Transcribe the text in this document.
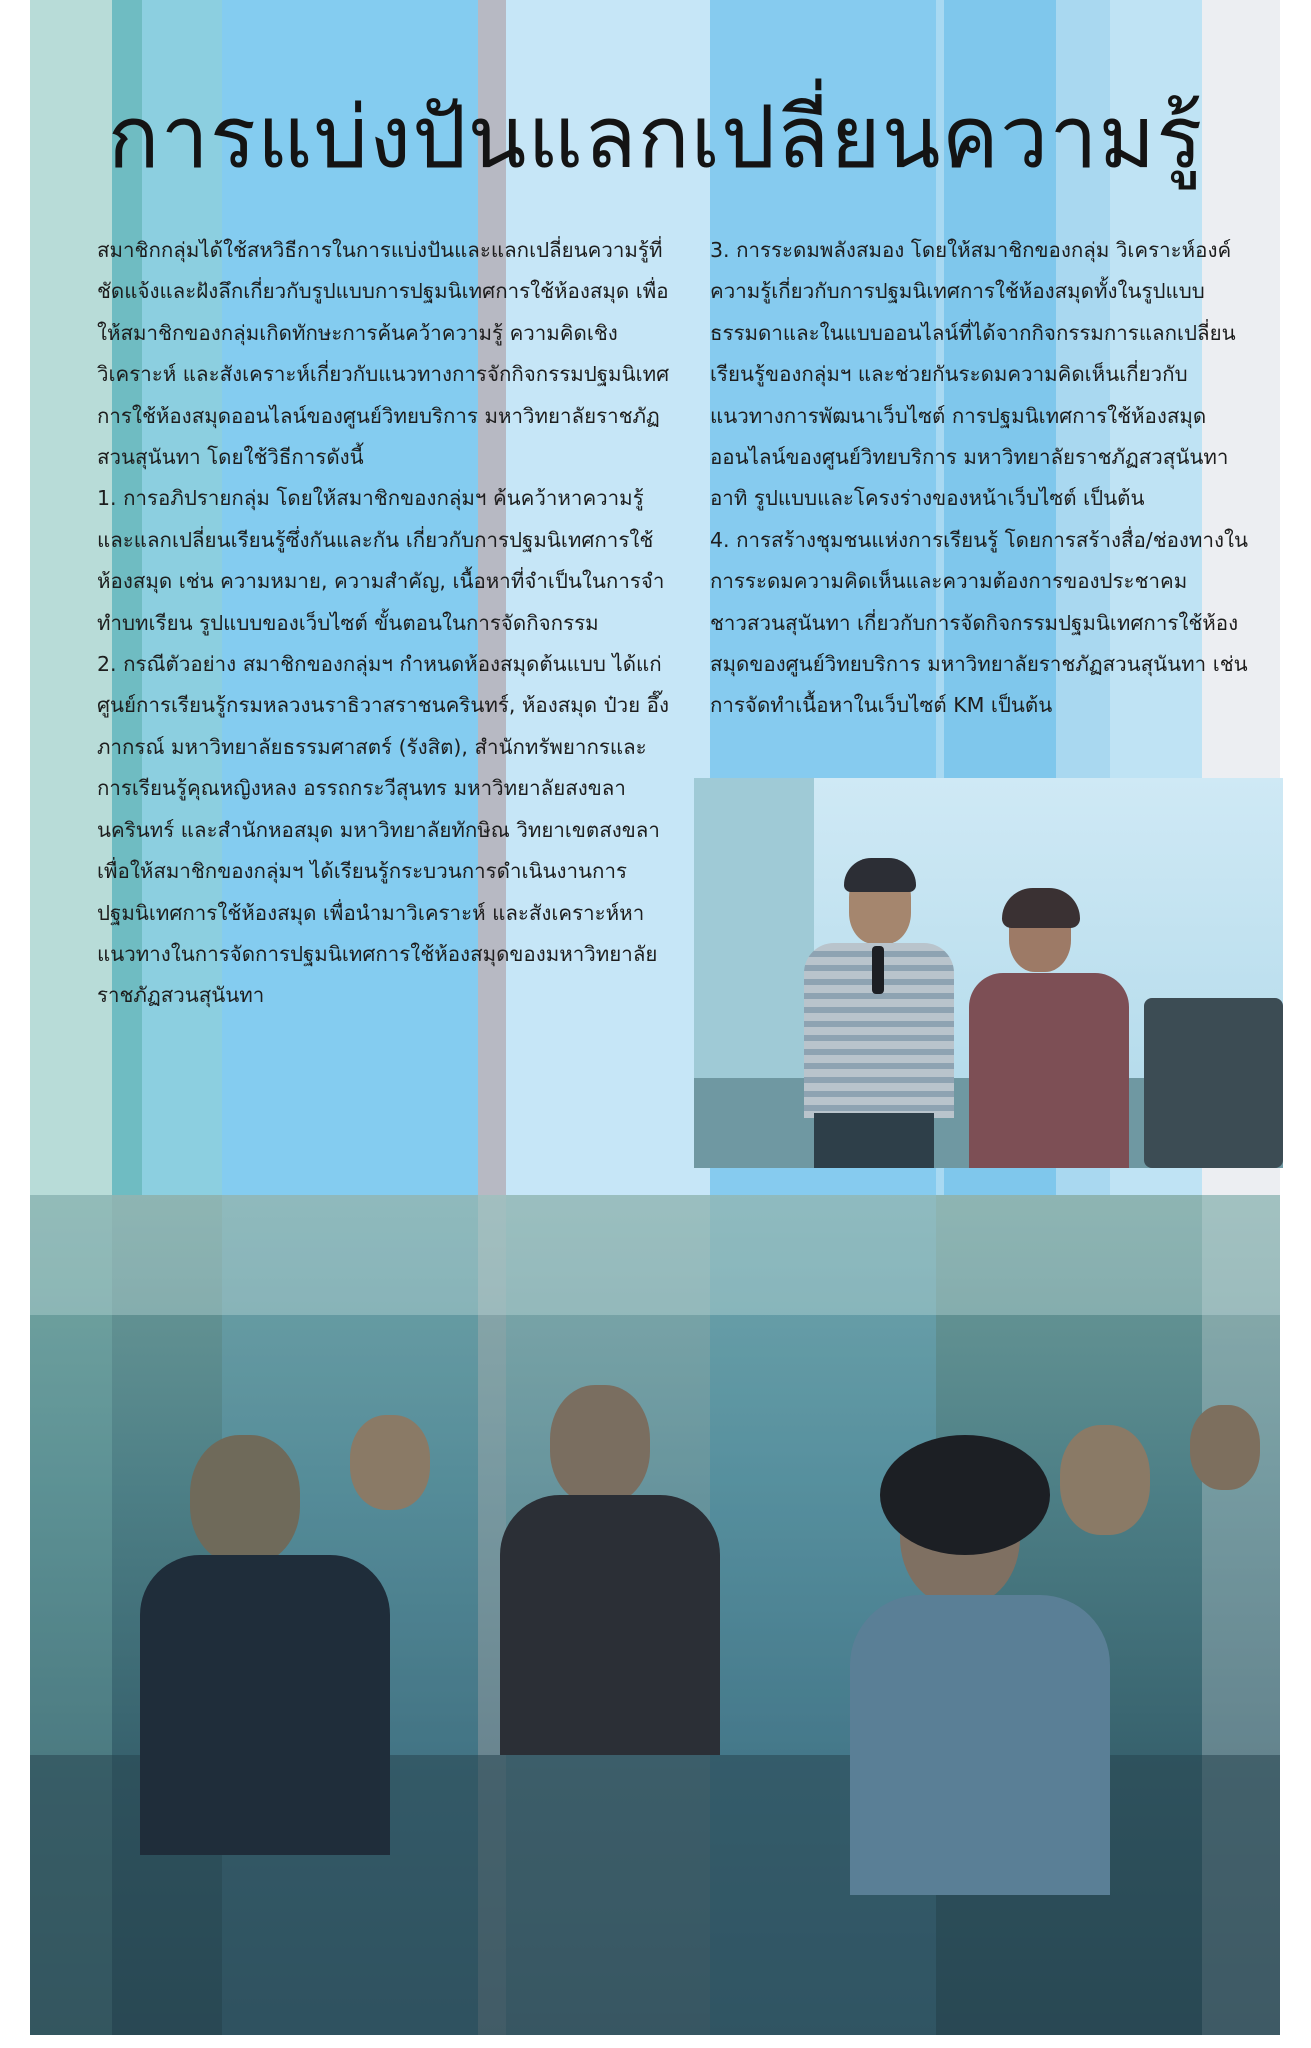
การแบ่งปันแลกเปลี่ยนความรู้

สมาชิกกลุ่มได้ใช้สหวิธีการในการแบ่งปันและแลกเปลี่ยนความรู้ที่ชัดแจ้งและฝังลึกเกี่ยวกับรูปแบบการปฐมนิเทศการใช้ห้องสมุด เพื่อให้สมาชิกของกลุ่มเกิดทักษะการค้นคว้าความรู้ ความคิดเชิงวิเคราะห์ และสังเคราะห์เกี่ยวกับแนวทางการจักกิจกรรมปฐมนิเทศการใช้ห้องสมุดออนไลน์ของศูนย์วิทยบริการ มหาวิทยาลัยราชภัฏสวนสุนันทา โดยใช้วิธีการดังนี้

1. การอภิปรายกลุ่ม โดยให้สมาชิกของกลุ่มฯ ค้นคว้าหาความรู้และแลกเปลี่ยนเรียนรู้ซึ่งกันและกัน เกี่ยวกับการปฐมนิเทศการใช้ห้องสมุด เช่น ความหมาย, ความสำคัญ, เนื้อหาที่จำเป็นในการจำทำบทเรียน รูปแบบของเว็บไซต์ ขั้นตอนในการจัดกิจกรรม

2. กรณีตัวอย่าง สมาชิกของกลุ่มฯ กำหนดห้องสมุดต้นแบบ ได้แก่ ศูนย์การเรียนรู้กรมหลวงนราธิวาสราชนครินทร์, ห้องสมุด ป๋วย อึ๊งภากรณ์ มหาวิทยาลัยธรรมศาสตร์ (รังสิต), สำนักทรัพยากรและการเรียนรู้คุณหญิงหลง อรรถกระวีสุนทร มหาวิทยาลัยสงขลานครินทร์ และสำนักหอสมุด มหาวิทยาลัยทักษิณ วิทยาเขตสงขลา เพื่อให้สมาชิกของกลุ่มฯ ได้เรียนรู้กระบวนการดำเนินงานการปฐมนิเทศการใช้ห้องสมุด เพื่อนำมาวิเคราะห์ และสังเคราะห์หาแนวทางในการจัดการปฐมนิเทศการใช้ห้องสมุดของมหาวิทยาลัยราชภัฏสวนสุนันทา

3. การระดมพลังสมอง โดยให้สมาชิกของกลุ่ม วิเคราะห์องค์ความรู้เกี่ยวกับการปฐมนิเทศการใช้ห้องสมุดทั้งในรูปแบบธรรมดาและในแบบออนไลน์ที่ได้จากกิจกรรมการแลกเปลี่ยนเรียนรู้ของกลุ่มฯ และช่วยกันระดมความคิดเห็นเกี่ยวกับแนวทางการพัฒนาเว็บไซต์ การปฐมนิเทศการใช้ห้องสมุดออนไลน์ของศูนย์วิทยบริการ มหาวิทยาลัยราชภัฏสวสุนันทา อาทิ รูปแบบและโครงร่างของหน้าเว็บไซต์ เป็นต้น

4. การสร้างชุมชนแห่งการเรียนรู้ โดยการสร้างสื่อ/ช่องทางในการระดมความคิดเห็นและความต้องการของประชาคมชาวสวนสุนันทา เกี่ยวกับการจัดกิจกรรมปฐมนิเทศการใช้ห้องสมุดของศูนย์วิทยบริการ มหาวิทยาลัยราชภัฏสวนสุนันทา เช่น การจัดทำเนื้อหาในเว็บไซต์ KM เป็นต้น
